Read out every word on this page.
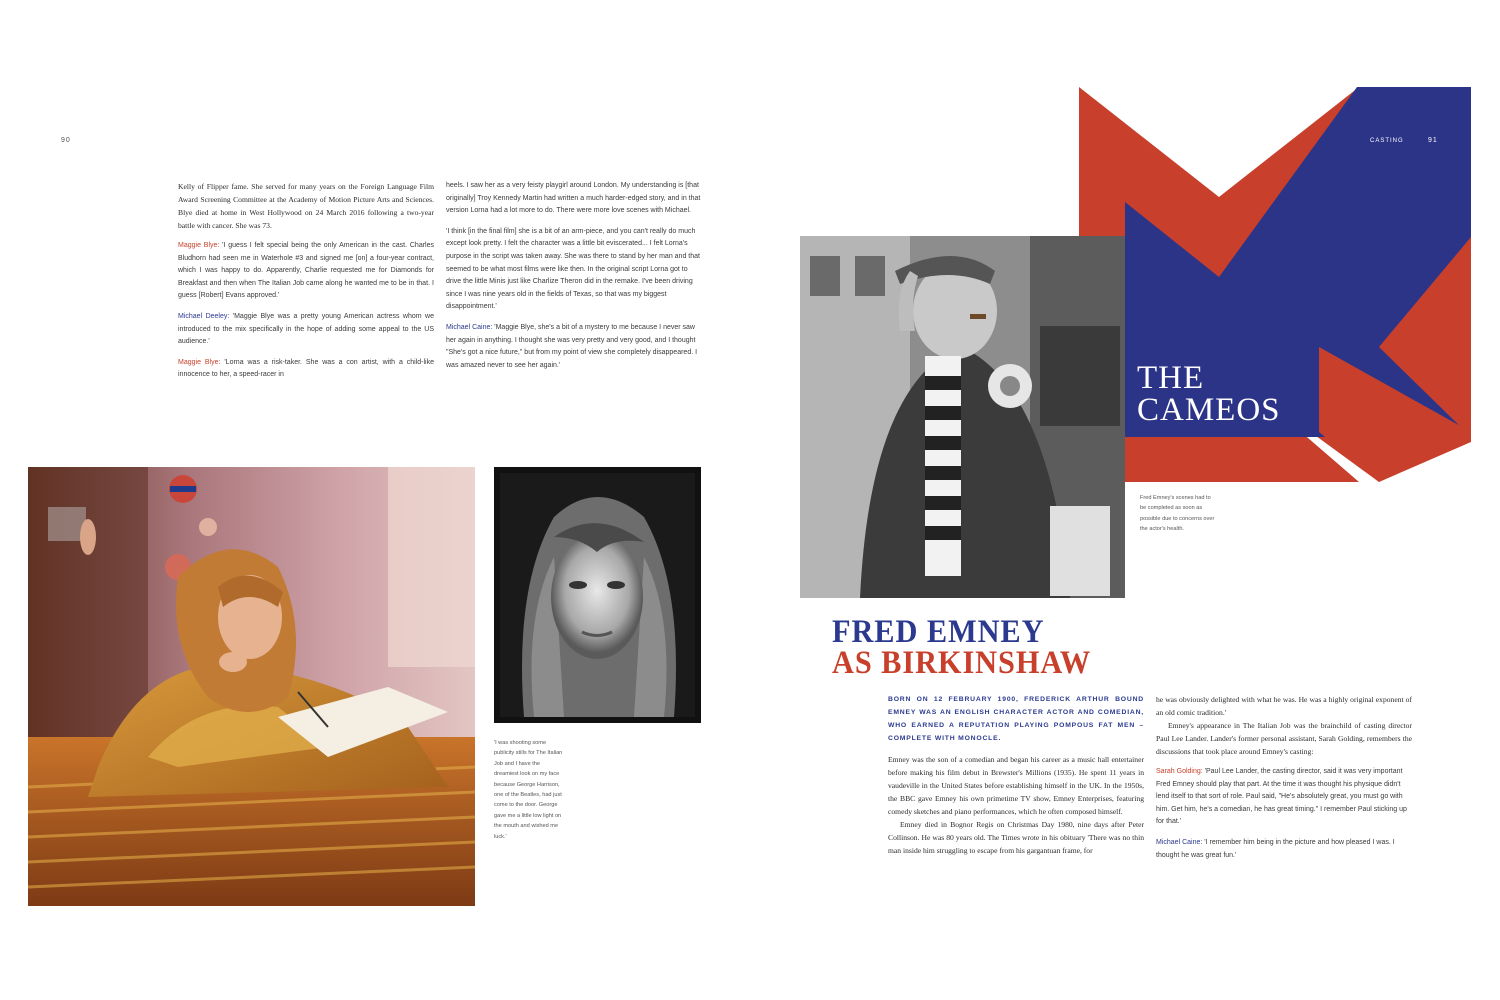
90

Kelly of Flipper fame. She served for many years on the Foreign Language Film Award Screening Committee at the Academy of Motion Picture Arts and Sciences. Blye died at home in West Hollywood on 24 March 2016 following a two-year battle with cancer. She was 73.

Maggie Blye: 'I guess I felt special being the only American in the cast. Charles Bludhorn had seen me in Waterhole #3 and signed me [on] a four-year contract, which I was happy to do. Apparently, Charlie requested me for Diamonds for Breakfast and then when The Italian Job came along he wanted me to be in that. I guess [Robert] Evans approved.'

Michael Deeley: 'Maggie Blye was a pretty young American actress whom we introduced to the mix specifically in the hope of adding some appeal to the US audience.'

Maggie Blye: 'Lorna was a risk-taker. She was a con artist, with a child-like innocence to her, a speed-racer in

heels. I saw her as a very feisty playgirl around London. My understanding is [that originally] Troy Kennedy Martin had written a much harder-edged story, and in that version Lorna had a lot more to do. There were more love scenes with Michael.

'I think [in the final film] she is a bit of an arm-piece, and you can't really do much except look pretty. I felt the character was a little bit eviscerated... I felt Lorna's purpose in the script was taken away. She was there to stand by her man and that seemed to be what most films were like then. In the original script Lorna got to drive the little Minis just like Charlize Theron did in the remake. I've been driving since I was nine years old in the fields of Texas, so that was my biggest disappointment.'

Michael Caine: 'Maggie Blye, she's a bit of a mystery to me because I never saw her again in anything. I thought she was very pretty and very good, and I thought "She's got a nice future," but from my point of view she completely disappeared. I was amazed never to see her again.'

'I was shooting some publicity stills for The Italian Job and I have the dreamiest look on my face because George Harrison, one of the Beatles, had just come to the door. George gave me a little low light on the mouth and wished me luck.'
CASTING	91
THE
CAMEOS
Fred Emney's scenes had to be completed as soon as possible due to concerns over the actor's health.
FRED EMNEY
AS BIRKINSHAW
BORN ON 12 FEBRUARY 1900, FREDERICK ARTHUR BOUND EMNEY WAS AN ENGLISH CHARACTER ACTOR AND COMEDIAN, WHO EARNED A REPUTATION PLAYING POMPOUS FAT MEN – COMPLETE WITH MONOCLE.

Emney was the son of a comedian and began his career as a music hall entertainer before making his film debut in Brewster's Millions (1935). He spent 11 years in vaudeville in the United States before establishing himself in the UK. In the 1950s, the BBC gave Emney his own primetime TV show, Emney Enterprises, featuring comedy sketches and piano performances, which he often composed himself.

Emney died in Bognor Regis on Christmas Day 1980, nine days after Peter Collinson. He was 80 years old. The Times wrote in his obituary 'There was no thin man inside him struggling to escape from his gargantuan frame, for

he was obviously delighted with what he was. He was a highly original exponent of an old comic tradition.'

Emney's appearance in The Italian Job was the brainchild of casting director Paul Lee Lander. Lander's former personal assistant, Sarah Golding, remembers the discussions that took place around Emney's casting:

Sarah Golding: 'Paul Lee Lander, the casting director, said it was very important Fred Emney should play that part. At the time it was thought his physique didn't lend itself to that sort of role. Paul said, "He's absolutely great, you must go with him. Get him, he's a comedian, he has great timing." I remember Paul sticking up for that.'

Michael Caine: 'I remember him being in the picture and how pleased I was. I thought he was great fun.'
